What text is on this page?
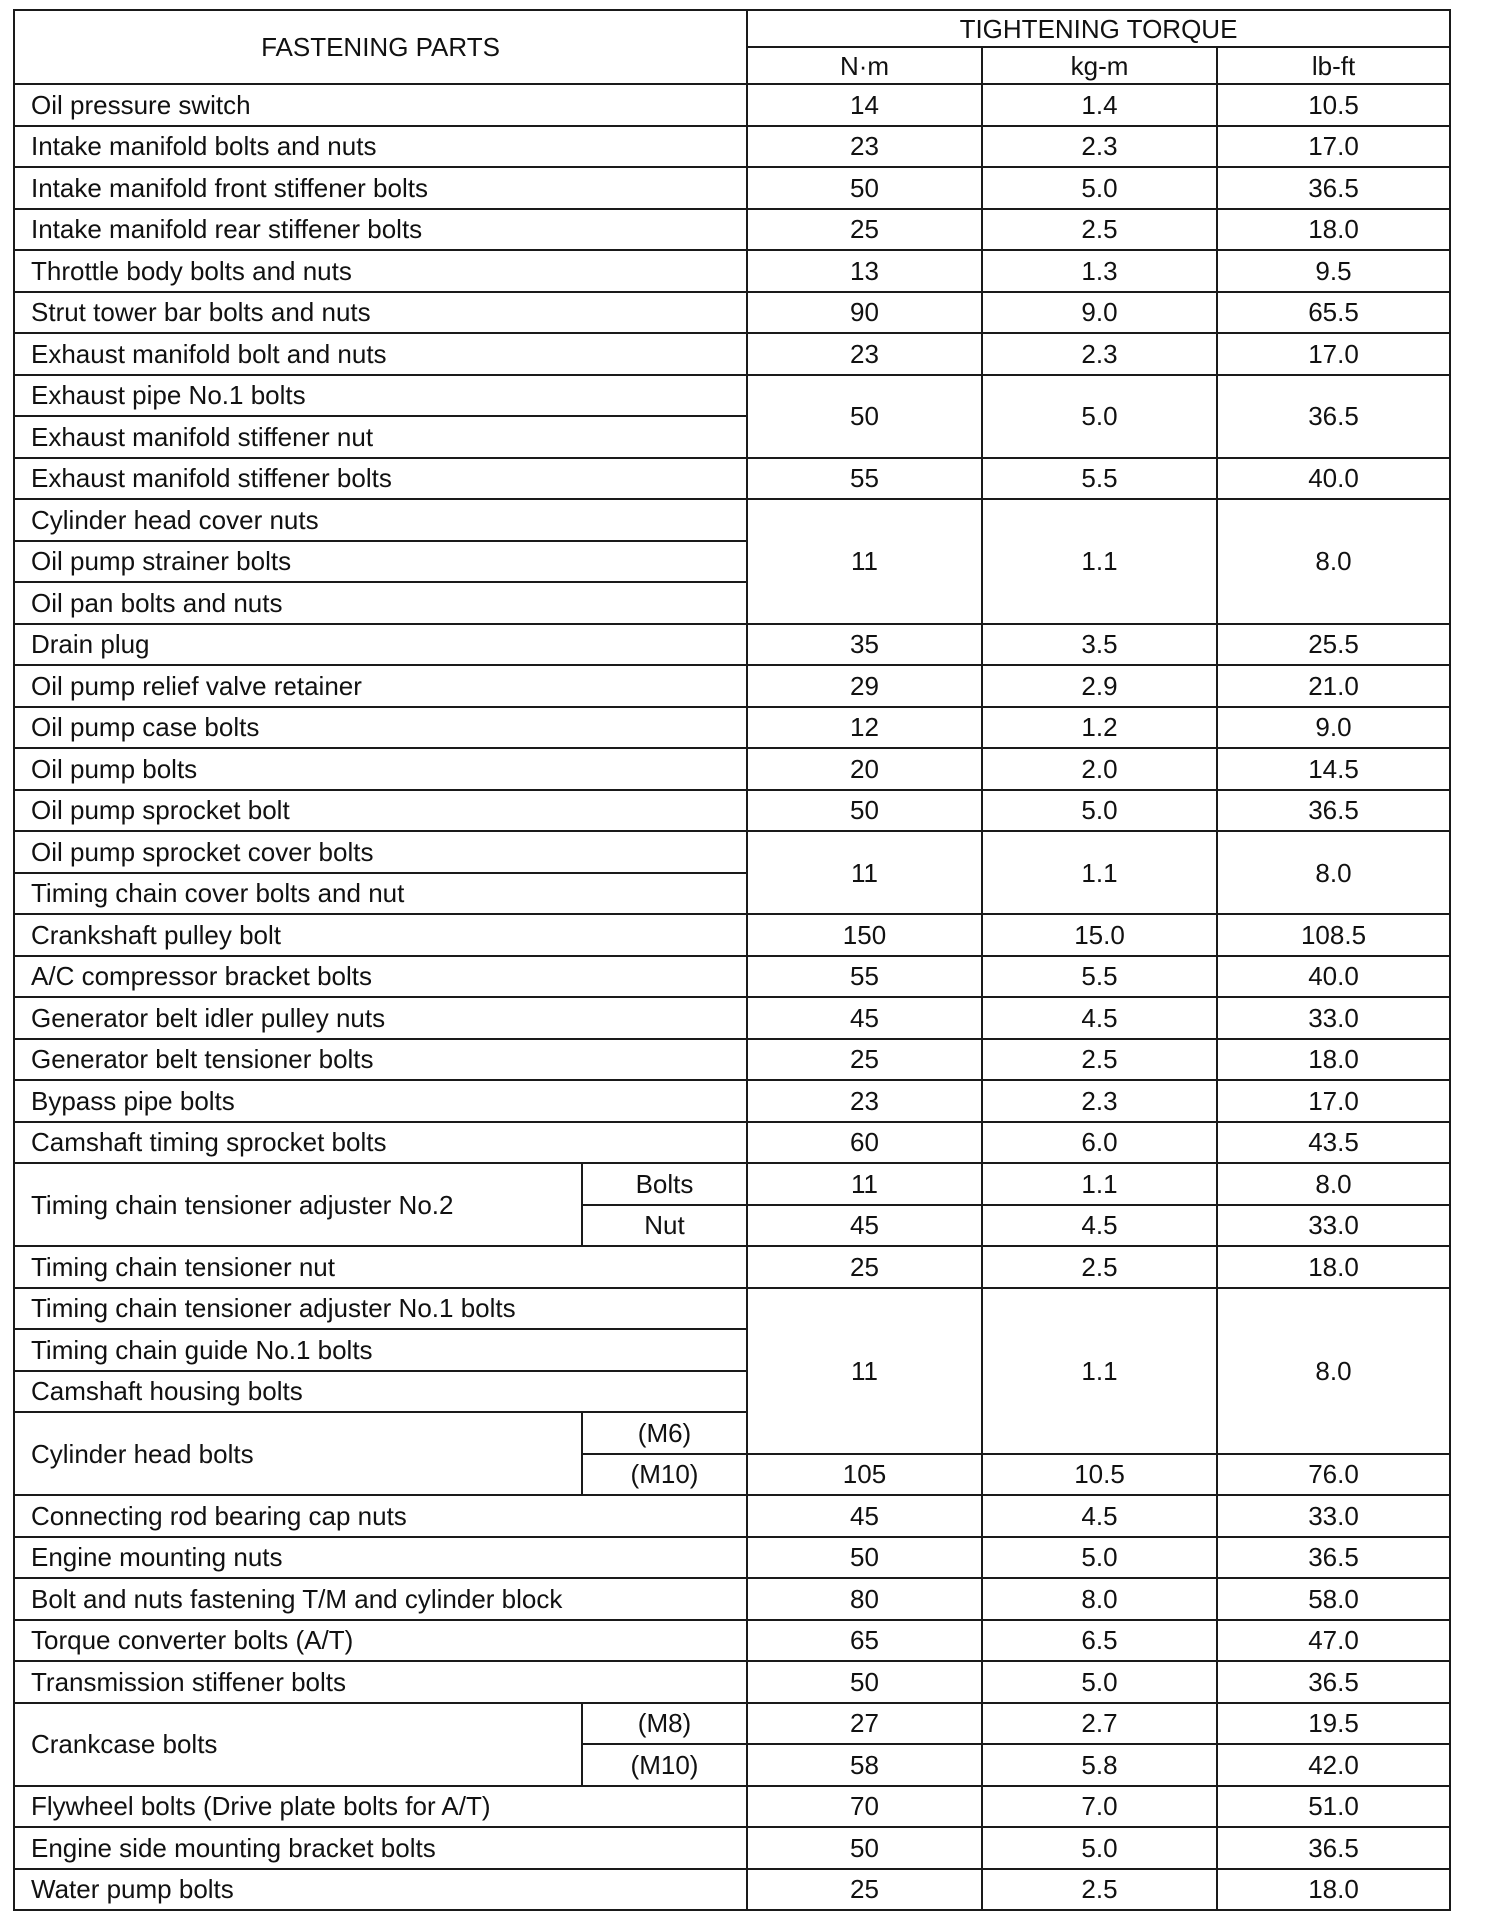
FASTENING PARTS		TIGHTENING TORQUE		
		N·m	kg-m	lb-ft
Oil pressure switch		14	1.4	10.5
Intake manifold bolts and nuts		23	2.3	17.0
Intake manifold front stiffener bolts		50	5.0	36.5
Intake manifold rear stiffener bolts		25	2.5	18.0
Throttle body bolts and nuts		13	1.3	9.5
Strut tower bar bolts and nuts		90	9.0	65.5
Exhaust manifold bolt and nuts		23	2.3	17.0
Exhaust pipe No.1 bolts		50	5.0	36.5
Exhaust manifold stiffener nut				
Exhaust manifold stiffener bolts		55	5.5	40.0
Cylinder head cover nuts		11	1.1	8.0
Oil pump strainer bolts				
Oil pan bolts and nuts				
Drain plug		35	3.5	25.5
Oil pump relief valve retainer		29	2.9	21.0
Oil pump case bolts		12	1.2	9.0
Oil pump bolts		20	2.0	14.5
Oil pump sprocket bolt		50	5.0	36.5
Oil pump sprocket cover bolts		11	1.1	8.0
Timing chain cover bolts and nut				
Crankshaft pulley bolt		150	15.0	108.5
A/C compressor bracket bolts		55	5.5	40.0
Generator belt idler pulley nuts		45	4.5	33.0
Generator belt tensioner bolts		25	2.5	18.0
Bypass pipe bolts		23	2.3	17.0
Camshaft timing sprocket bolts		60	6.0	43.5
Timing chain tensioner adjuster No.2	Bolts	11	1.1	8.0
	Nut	45	4.5	33.0
Timing chain tensioner nut		25	2.5	18.0
Timing chain tensioner adjuster No.1 bolts		11	1.1	8.0
Timing chain guide No.1 bolts				
Camshaft housing bolts				
Cylinder head bolts	(M6)			
	(M10)	105	10.5	76.0
Connecting rod bearing cap nuts		45	4.5	33.0
Engine mounting nuts		50	5.0	36.5
Bolt and nuts fastening T/M and cylinder block		80	8.0	58.0
Torque converter bolts (A/T)		65	6.5	47.0
Transmission stiffener bolts		50	5.0	36.5
Crankcase bolts	(M8)	27	2.7	19.5
	(M10)	58	5.8	42.0
Flywheel bolts (Drive plate bolts for A/T)		70	7.0	51.0
Engine side mounting bracket bolts		50	5.0	36.5
Water pump bolts		25	2.5	18.0
